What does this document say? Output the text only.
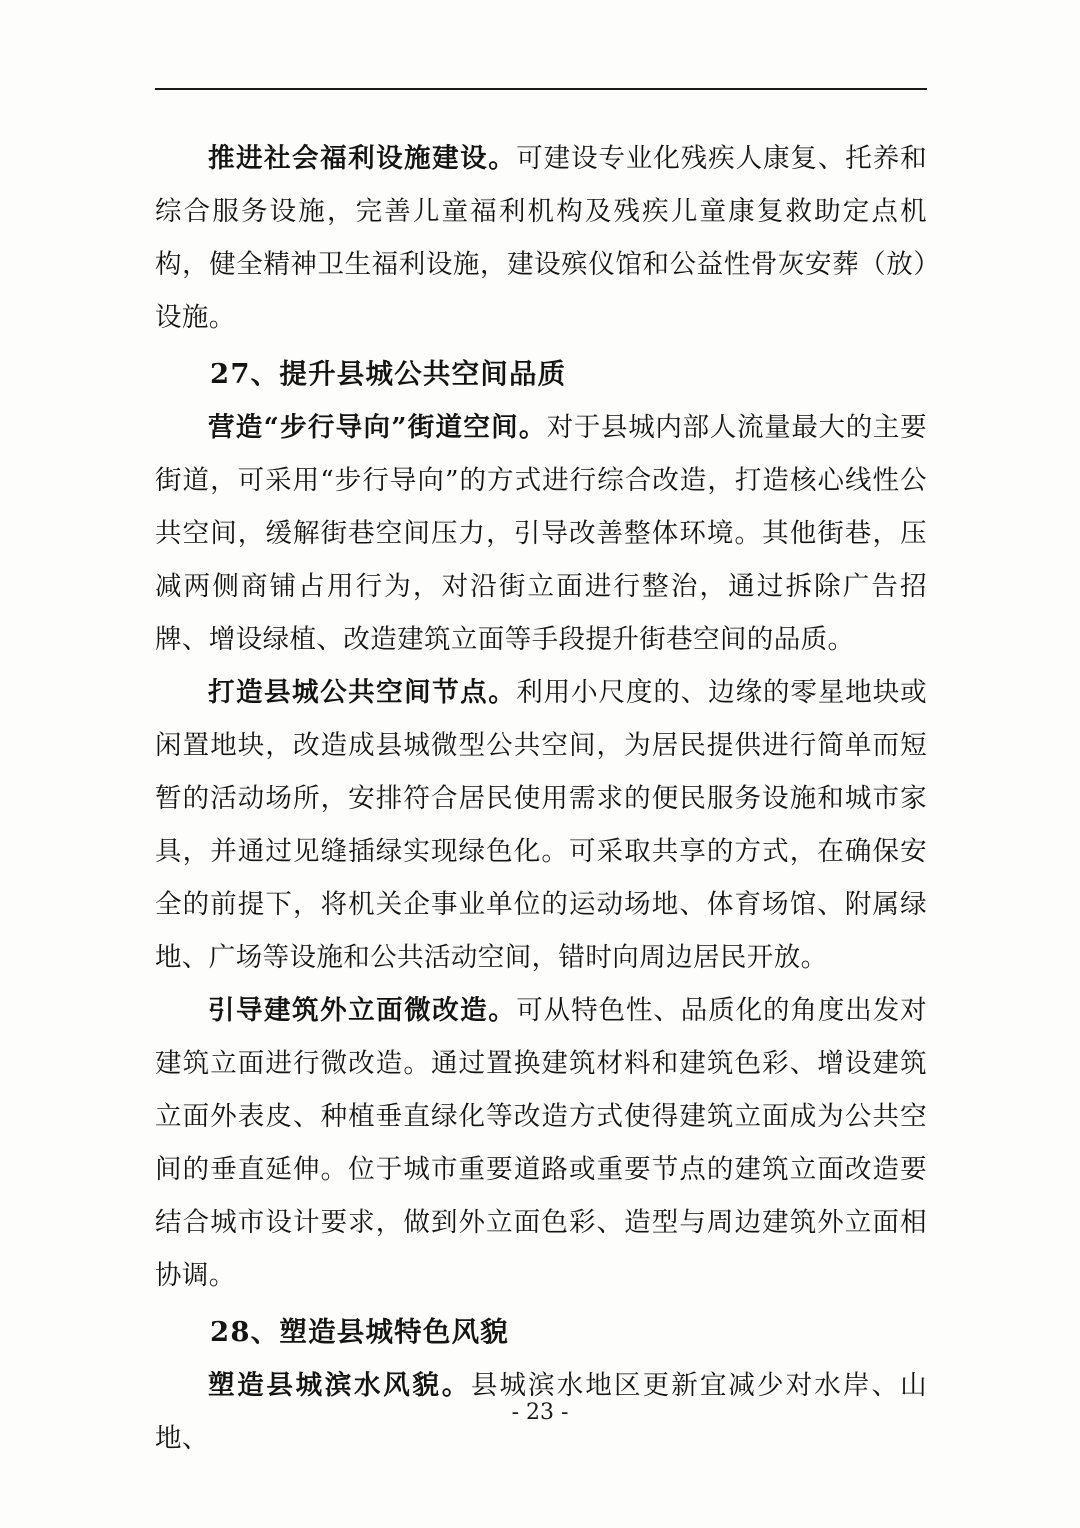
推进社会福利设施建设。可建设专业化残疾人康复、托养和综合服务设施，完善儿童福利机构及残疾儿童康复救助定点机构，健全精神卫生福利设施，建设殡仪馆和公益性骨灰安葬（放）设施。

27、提升县城公共空间品质

营造“步行导向”街道空间。对于县城内部人流量最大的主要街道，可采用“步行导向”的方式进行综合改造，打造核心线性公共空间，缓解街巷空间压力，引导改善整体环境。其他街巷，压减两侧商铺占用行为，对沿街立面进行整治，通过拆除广告招牌、增设绿植、改造建筑立面等手段提升街巷空间的品质。

打造县城公共空间节点。利用小尺度的、边缘的零星地块或闲置地块，改造成县城微型公共空间，为居民提供进行简单而短暂的活动场所，安排符合居民使用需求的便民服务设施和城市家具，并通过见缝插绿实现绿色化。可采取共享的方式，在确保安全的前提下，将机关企事业单位的运动场地、体育场馆、附属绿地、广场等设施和公共活动空间，错时向周边居民开放。

引导建筑外立面微改造。可从特色性、品质化的角度出发对建筑立面进行微改造。通过置换建筑材料和建筑色彩、增设建筑立面外表皮、种植垂直绿化等改造方式使得建筑立面成为公共空间的垂直延伸。位于城市重要道路或重要节点的建筑立面改造要结合城市设计要求，做到外立面色彩、造型与周边建筑外立面相协调。

28、塑造县城特色风貌

塑造县城滨水风貌。县城滨水地区更新宜减少对水岸、山地、

- 23 -
